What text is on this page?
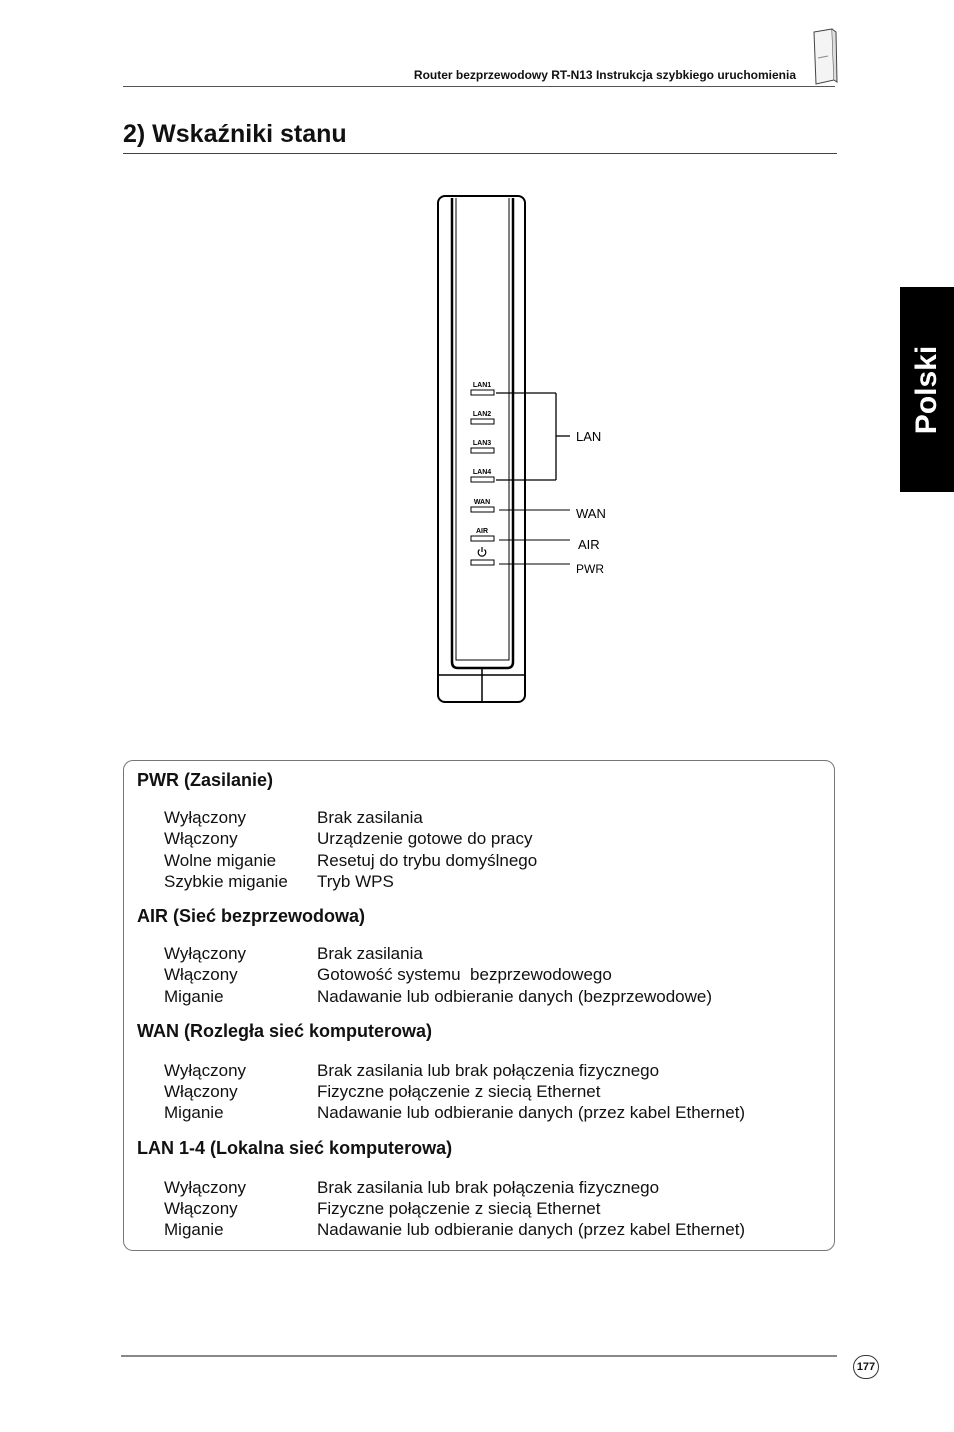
Router bezprzewodowy RT-N13 Instrukcja szybkiego uruchomienia
Polski
2) Wskaźniki stanu
LAN1
LAN2
LAN3
LAN4
WAN
AIR
LAN
WAN
AIR
PWR
PWR (Zasilanie)
Wyłączony	Brak zasilania
Włączony	Urządzenie gotowe do pracy
Wolne miganie	Resetuj do trybu domyślnego
Szybkie miganie	Tryb WPS
AIR (Sieć bezprzewodowa)
Wyłączony	Brak zasilania
Włączony	Gotowość systemu  bezprzewodowego
Miganie	Nadawanie lub odbieranie danych (bezprzewodowe)
WAN (Rozległa sieć komputerowa)
Wyłączony	Brak zasilania lub brak połączenia fizycznego
Włączony	Fizyczne połączenie z siecią Ethernet
Miganie	Nadawanie lub odbieranie danych (przez kabel Ethernet)
LAN 1-4 (Lokalna sieć komputerowa)
Wyłączony	Brak zasilania lub brak połączenia fizycznego
Włączony	Fizyczne połączenie z siecią Ethernet
Miganie	Nadawanie lub odbieranie danych (przez kabel Ethernet)
177
